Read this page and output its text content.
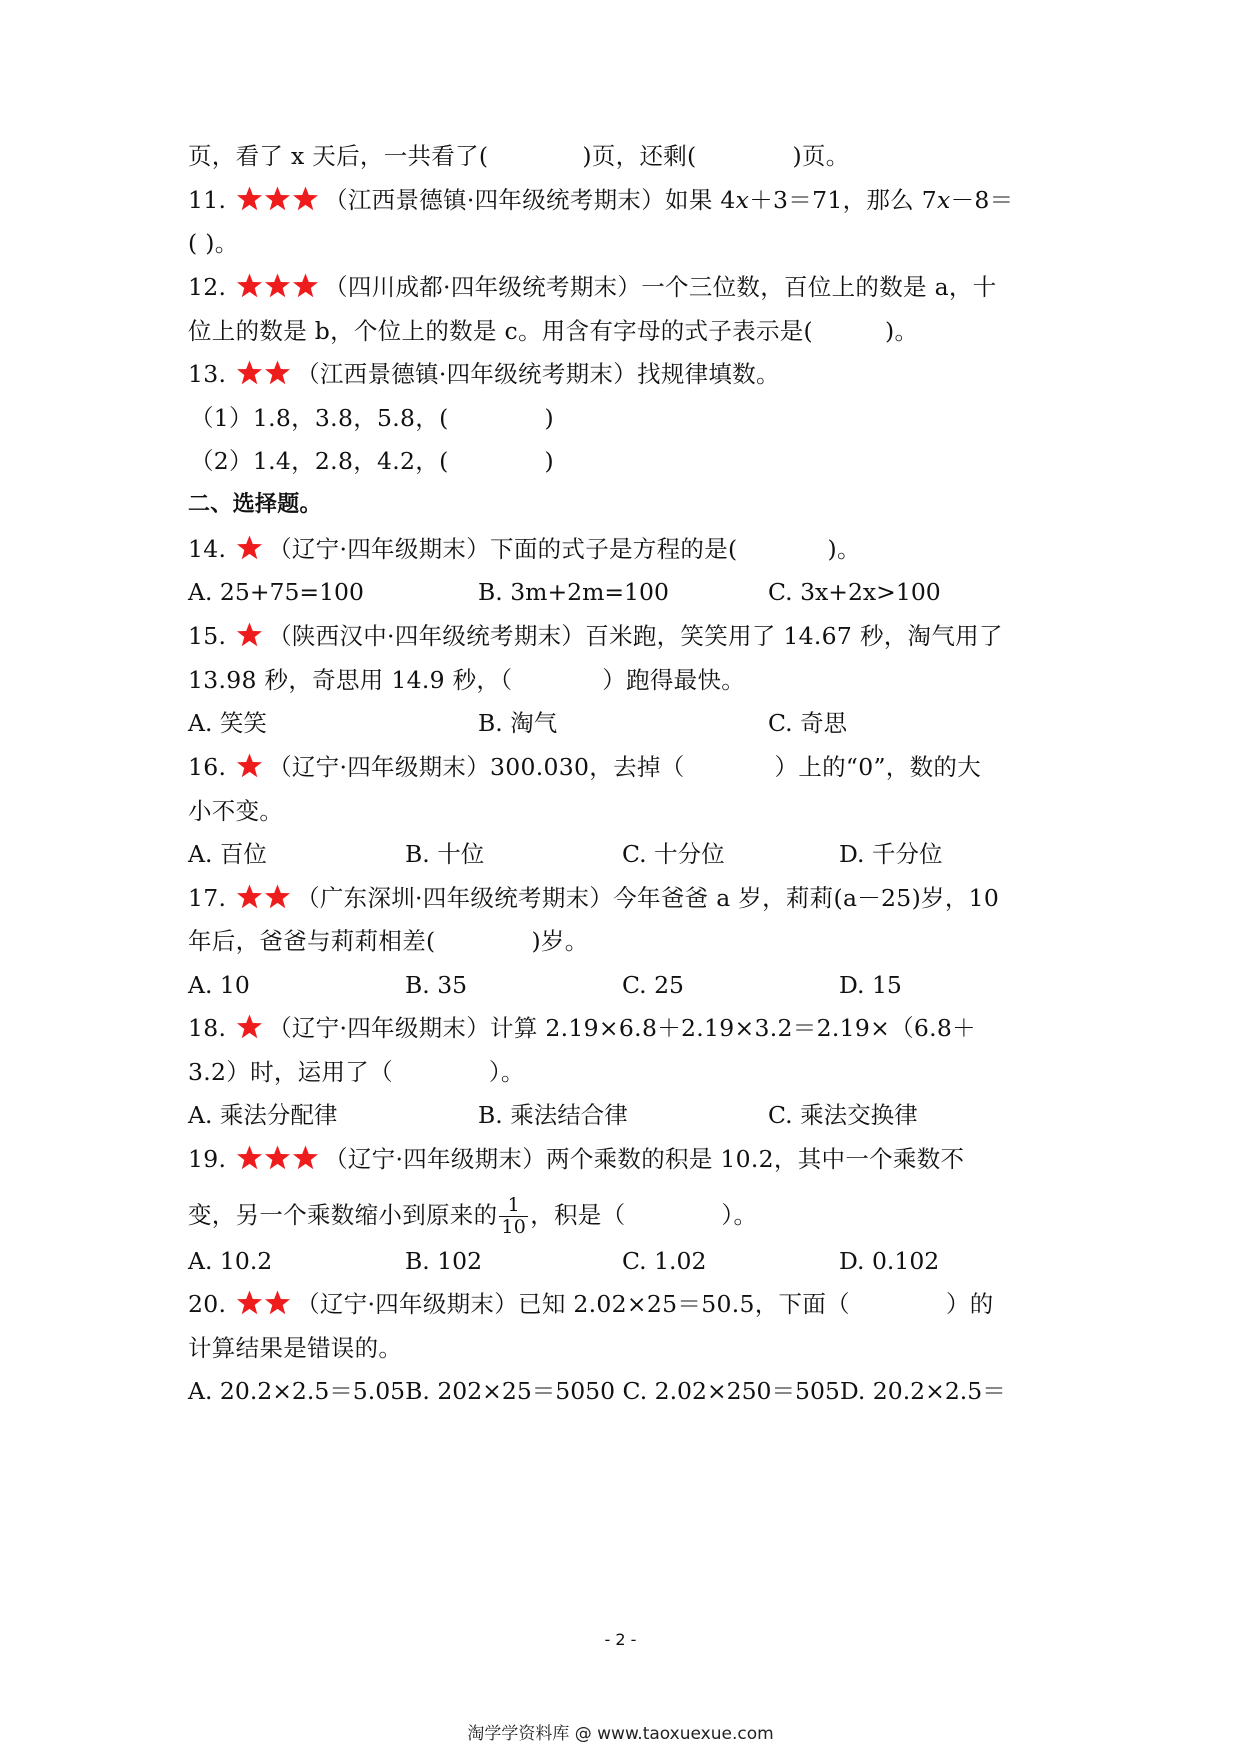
页，看了 x 天后，一共看了(	)页，还剩(	)页。
11.	（江西景德镇·四年级统考期末）如果 4x＋3＝71，那么 7x－8＝
( )。
12.	（四川成都·四年级统考期末）一个三位数，百位上的数是 a，十
位上的数是 b，个位上的数是 c。用含有字母的式子表示是(	)。
13.	（江西景德镇·四年级统考期末）找规律填数。
（1）1.8，3.8，5.8，(	)
（2）1.4，2.8，4.2，(	)
二、选择题。
14. （辽宁·四年级期末）下面的式子是方程的是(	)。
A. 25+75=100	B. 3m+2m=100	C. 3x+2x>100
15. （陕西汉中·四年级统考期末）百米跑，笑笑用了 14.67 秒，淘气用了
13.98 秒，奇思用 14.9 秒，（	）跑得最快。
A. 笑笑	B. 淘气	C. 奇思
16. （辽宁·四年级期末）300.030，去掉（	）上的“0”，数的大
小不变。
A. 百位	B. 十位	C. 十分位	D. 千分位
17.	（广东深圳·四年级统考期末）今年爸爸 a 岁，莉莉(a－25)岁，10
年后，爸爸与莉莉相差(	)岁。
A. 10	B. 35	C. 25	D. 15
18. （辽宁·四年级期末）计算 2.19×6.8＋2.19×3.2＝2.19×（6.8＋
3.2）时，运用了（	）。
A. 乘法分配律	B. 乘法结合律	C. 乘法交换律
19.	（辽宁·四年级期末）两个乘数的积是 10.2，其中一个乘数不
变，另一个乘数缩小到原来的 $\frac{1}{10}$ ，积是（	）。
A. 10.2	B. 102	C. 1.02	D. 0.102
20.	（辽宁·四年级期末）已知 2.02×25＝50.5，下面（	）的
计算结果是错误的。
A. 20.2×2.5＝5.05B. 202×25＝5050 C. 2.02×250＝505D. 20.2×2.5＝
- 2 -
淘学学资料库 @ www.taoxuexue.com
